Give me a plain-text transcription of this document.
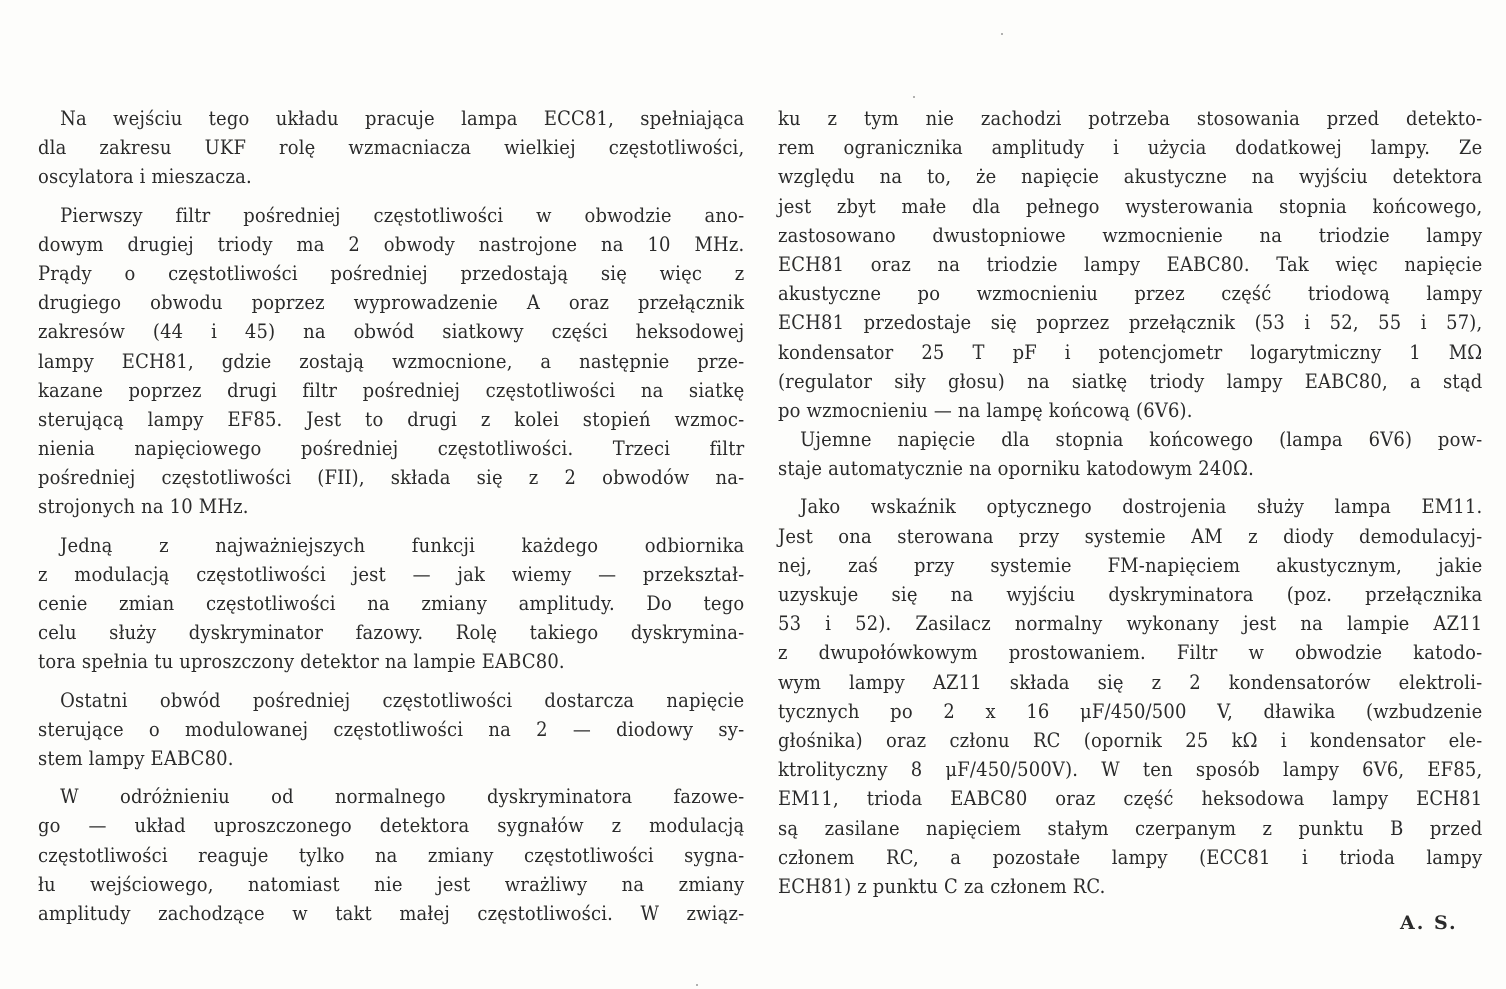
Na wejściu tego układu pracuje lampa ECC81, spełniająca
dla zakresu UKF rolę wzmacniacza wielkiej częstotliwości,
oscylatora i mieszacza.
Pierwszy filtr pośredniej częstotliwości w obwodzie ano-
dowym drugiej triody ma 2 obwody nastrojone na 10 MHz.
Prądy o częstotliwości pośredniej przedostają się więc z
drugiego obwodu poprzez wyprowadzenie A oraz przełącznik
zakresów (44 i 45) na obwód siatkowy części heksodowej
lampy ECH81, gdzie zostają wzmocnione, a następnie prze-
kazane poprzez drugi filtr pośredniej częstotliwości na siatkę
sterującą lampy EF85. Jest to drugi z kolei stopień wzmoc-
nienia napięciowego pośredniej częstotliwości. Trzeci filtr
pośredniej częstotliwości (FII), składa się z 2 obwodów na-
strojonych na 10 MHz.
Jedną z najważniejszych funkcji każdego odbiornika
z modulacją częstotliwości jest — jak wiemy — przekształ-
cenie zmian częstotliwości na zmiany amplitudy. Do tego
celu służy dyskryminator fazowy. Rolę takiego dyskrymina-
tora spełnia tu uproszczony detektor na lampie EABC80.
Ostatni obwód pośredniej częstotliwości dostarcza napięcie
sterujące o modulowanej częstotliwości na 2 — diodowy sy-
stem lampy EABC80.
W odróżnieniu od normalnego dyskryminatora fazowe-
go — układ uproszczonego detektora sygnałów z modulacją
częstotliwości reaguje tylko na zmiany częstotliwości sygna-
łu wejściowego, natomiast nie jest wrażliwy na zmiany
amplitudy zachodzące w takt małej częstotliwości. W związ-
ku z tym nie zachodzi potrzeba stosowania przed detekto-
rem ogranicznika amplitudy i użycia dodatkowej lampy. Ze
względu na to, że napięcie akustyczne na wyjściu detektora
jest zbyt małe dla pełnego wysterowania stopnia końcowego,
zastosowano dwustopniowe wzmocnienie na triodzie lampy
ECH81 oraz na triodzie lampy EABC80. Tak więc napięcie
akustyczne po wzmocnieniu przez część triodową lampy
ECH81 przedostaje się poprzez przełącznik (53 i 52, 55 i 57),
kondensator 25 T pF i potencjometr logarytmiczny 1 MΩ
(regulator siły głosu) na siatkę triody lampy EABC80, a stąd
po wzmocnieniu — na lampę końcową (6V6).
Ujemne napięcie dla stopnia końcowego (lampa 6V6) pow-
staje automatycznie na oporniku katodowym 240Ω.
Jako wskaźnik optycznego dostrojenia służy lampa EM11.
Jest ona sterowana przy systemie AM z diody demodulacyj-
nej, zaś przy systemie FM-napięciem akustycznym, jakie
uzyskuje się na wyjściu dyskryminatora (poz. przełącznika
53 i 52). Zasilacz normalny wykonany jest na lampie AZ11
z dwupołówkowym prostowaniem. Filtr w obwodzie katodo-
wym lampy AZ11 składa się z 2 kondensatorów elektroli-
tycznych po 2 x 16 μF/450/500 V, dławika (wzbudzenie
głośnika) oraz członu RC (opornik 25 kΩ i kondensator ele-
ktrolityczny 8 μF/450/500V). W ten sposób lampy 6V6, EF85,
EM11, trioda EABC80 oraz część heksodowa lampy ECH81
są zasilane napięciem stałym czerpanym z punktu B przed
członem RC, a pozostałe lampy (ECC81 i trioda lampy
ECH81) z punktu C za członem RC.
A. S.
